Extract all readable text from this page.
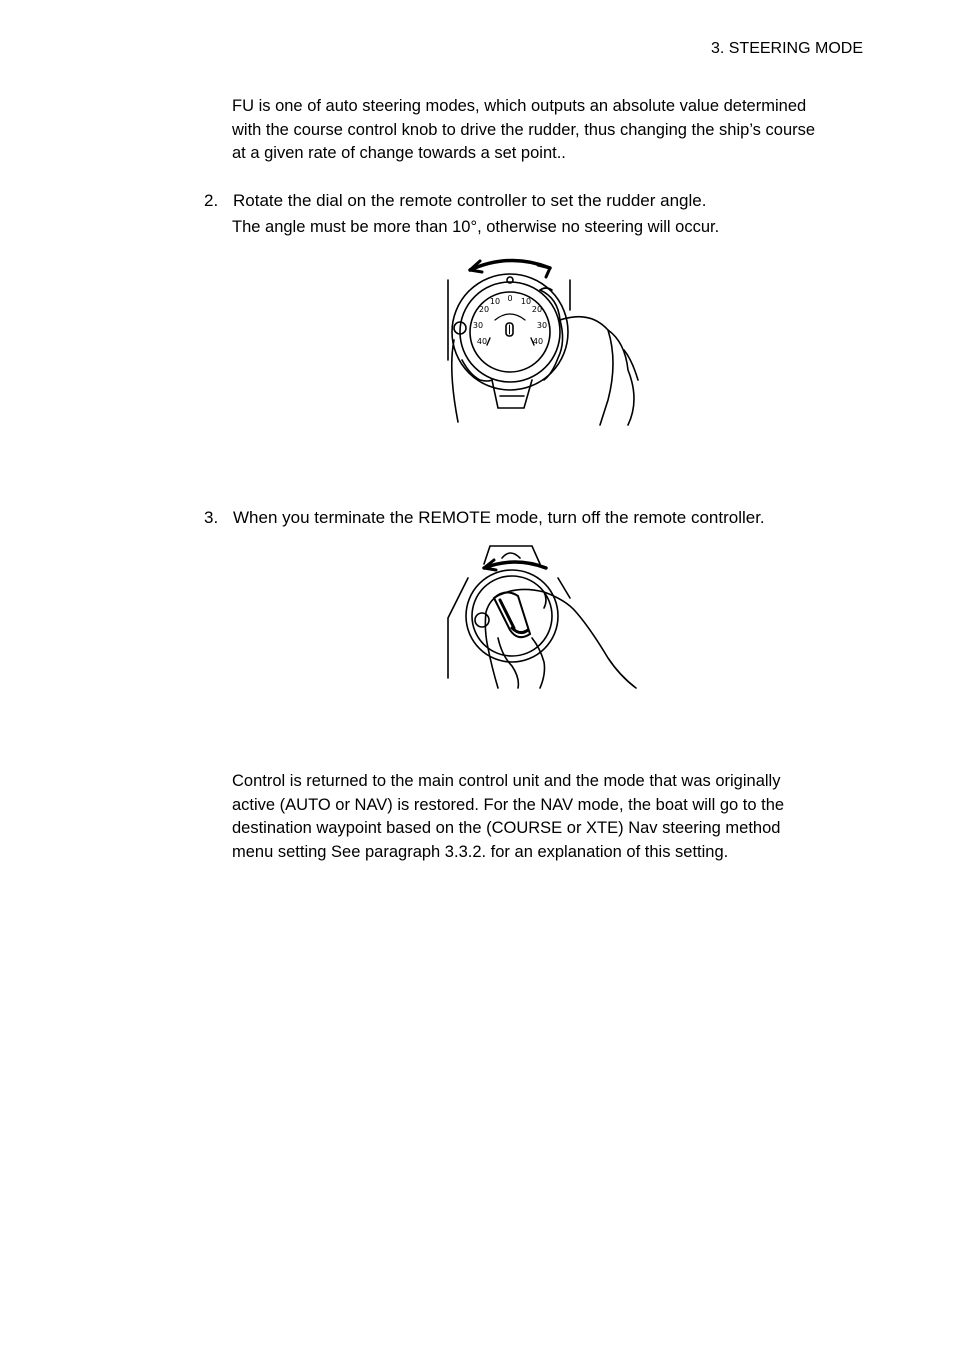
3. STEERING MODE
FU is one of auto steering modes, which outputs an absolute value determined
with the course control knob to drive the rudder, thus changing the ship’s course
at a given rate of change towards a set point..
2. Rotate the dial on the remote controller to set the rudder angle.
The angle must be more than 10°, otherwise no steering will occur.
0
10
20
30
40
10
20
30
40
3. When you terminate the REMOTE mode, turn off the remote controller.
Control is returned to the main control unit and the mode that was originally
active (AUTO or NAV) is restored. For the NAV mode, the boat will go to the
destination waypoint based on the (COURSE or XTE) Nav steering method
menu setting See paragraph 3.3.2. for an explanation of this setting.
